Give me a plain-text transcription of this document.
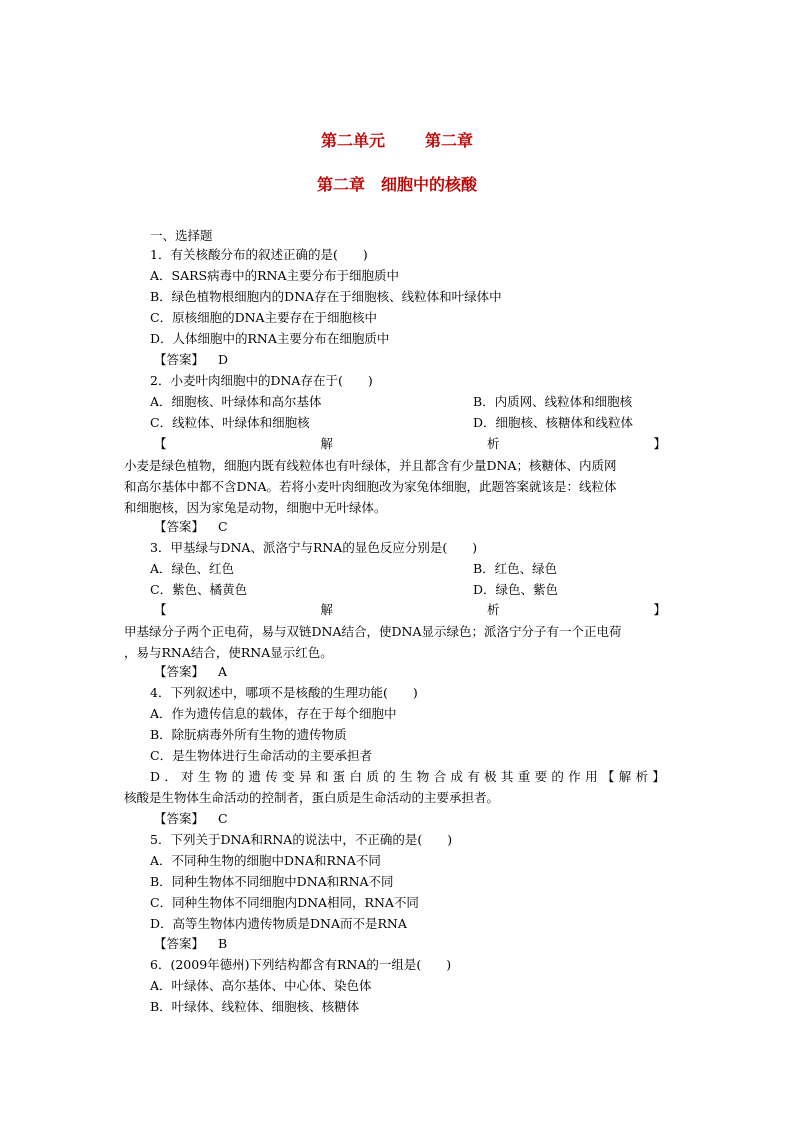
第二单元	第二章
第二章　细胞中的核酸
一、选择题
1．有关核酸分布的叙述正确的是(　　)
A．SARS病毒中的RNA主要分布于细胞质中
B．绿色植物根细胞内的DNA存在于细胞核、线粒体和叶绿体中
C．原核细胞的DNA主要存在于细胞核中
D．人体细胞中的RNA主要分布在细胞质中
【答案】 D
2．小麦叶肉细胞中的DNA存在于(　　)
A．细胞核、叶绿体和高尔基体	B．内质网、线粒体和细胞核
C．线粒体、叶绿体和细胞核	D．细胞核、核糖体和线粒体
【	解	析	】
小麦是绿色植物，细胞内既有线粒体也有叶绿体，并且都含有少量DNA；核糖体、内质网
和高尔基体中都不含DNA。若将小麦叶肉细胞改为家兔体细胞，此题答案就该是：线粒体
和细胞核，因为家兔是动物，细胞中无叶绿体。
【答案】 C
3．甲基绿与DNA、派洛宁与RNA的显色反应分别是(　　)
A．绿色、红色	B．红色、绿色
C．紫色、橘黄色	D．绿色、紫色
【	解	析	】
甲基绿分子两个正电荷，易与双链DNA结合，使DNA显示绿色；派洛宁分子有一个正电荷
，易与RNA结合，使RNA显示红色。
【答案】 A
4．下列叙述中，哪项不是核酸的生理功能(　　)
A．作为遗传信息的载体，存在于每个细胞中
B．除朊病毒外所有生物的遗传物质
C．是生物体进行生命活动的主要承担者
D．对生物的遗传变异和蛋白质的生物合成有极其重要的作用【解析】
核酸是生物体生命活动的控制者，蛋白质是生命活动的主要承担者。
【答案】 C
5．下列关于DNA和RNA的说法中，不正确的是(　　)
A．不同种生物的细胞中DNA和RNA不同
B．同种生物体不同细胞中DNA和RNA不同
C．同种生物体不同细胞内DNA相同，RNA不同
D．高等生物体内遗传物质是DNA而不是RNA
【答案】 B
6．(2009年德州)下列结构都含有RNA的一组是(　　)
A．叶绿体、高尔基体、中心体、染色体
B．叶绿体、线粒体、细胞核、核糖体
